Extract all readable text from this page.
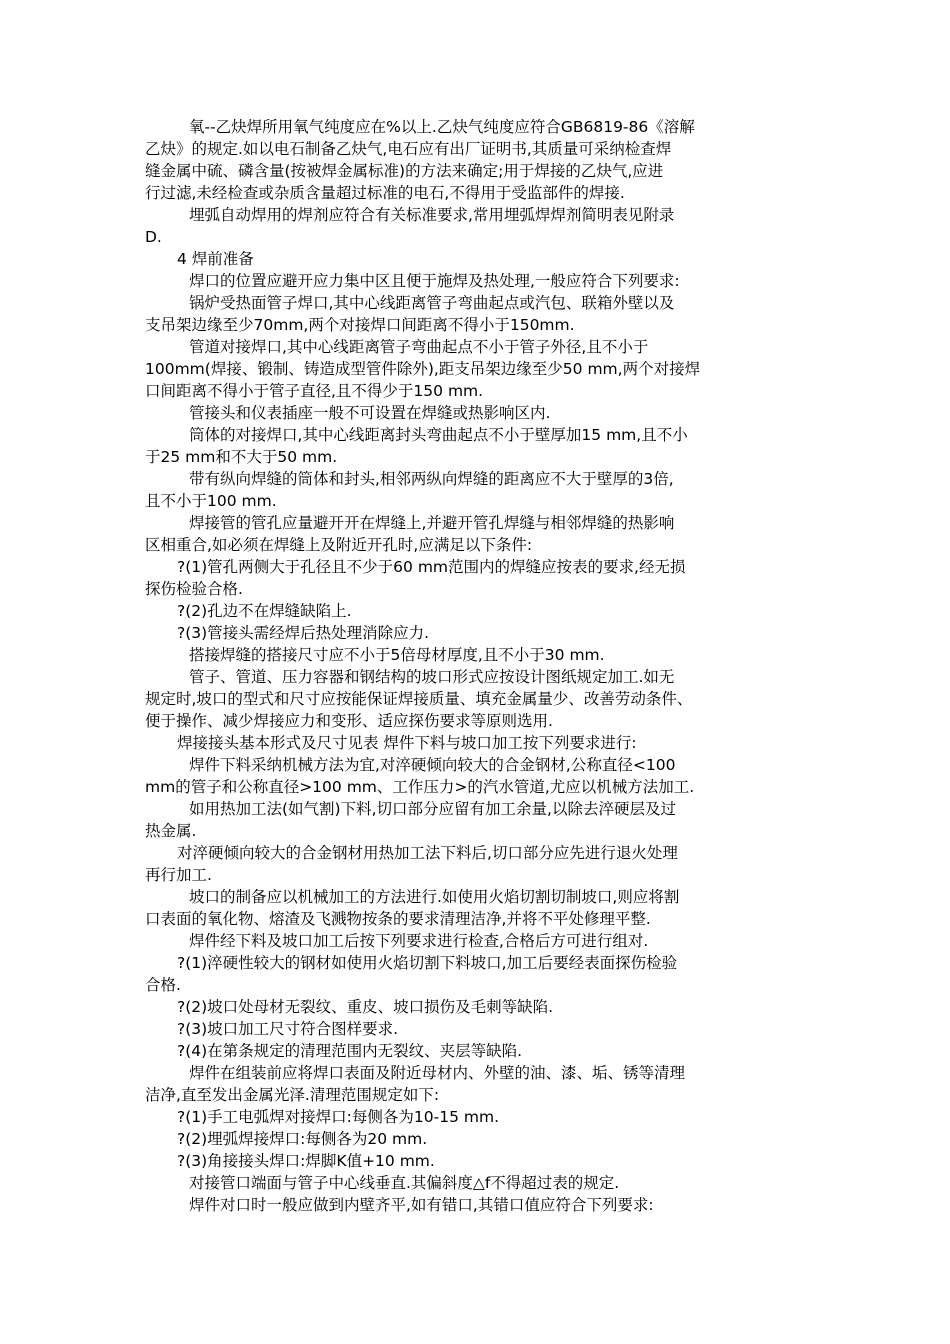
氧--乙炔焊所用氧气纯度应在%以上.乙炔气纯度应符合GB6819-86《溶解
乙炔》的规定.如以电石制备乙炔气,电石应有出厂证明书,其质量可采纳检查焊
缝金属中硫、磷含量(按被焊金属标准)的方法来确定;用于焊接的乙炔气,应进
行过滤,未经检查或杂质含量超过标准的电石,不得用于受监部件的焊接.
埋弧自动焊用的焊剂应符合有关标准要求,常用埋弧焊焊剂简明表见附录
D.
4 焊前准备
焊口的位置应避开应力集中区且便于施焊及热处理,一般应符合下列要求:
锅炉受热面管子焊口,其中心线距离管子弯曲起点或汽包、联箱外壁以及
支吊架边缘至少70mm,两个对接焊口间距离不得小于150mm.
管道对接焊口,其中心线距离管子弯曲起点不小于管子外径,且不小于
100mm(焊接、锻制、铸造成型管件除外),距支吊架边缘至少50 mm,两个对接焊
口间距离不得小于管子直径,且不得少于150 mm.
管接头和仪表插座一般不可设置在焊缝或热影响区内.
筒体的对接焊口,其中心线距离封头弯曲起点不小于壁厚加15 mm,且不小
于25 mm和不大于50 mm.
带有纵向焊缝的筒体和封头,相邻两纵向焊缝的距离应不大于壁厚的3倍,
且不小于100 mm.
焊接管的管孔应量避开开在焊缝上,并避开管孔焊缝与相邻焊缝的热影响
区相重合,如必须在焊缝上及附近开孔时,应满足以下条件:
?(1)管孔两侧大于孔径且不少于60 mm范围内的焊缝应按表的要求,经无损
探伤检验合格.
?(2)孔边不在焊缝缺陷上.
?(3)管接头需经焊后热处理消除应力.
搭接焊缝的搭接尺寸应不小于5倍母材厚度,且不小于30 mm.
管子、管道、压力容器和钢结构的坡口形式应按设计图纸规定加工.如无
规定时,坡口的型式和尺寸应按能保证焊接质量、填充金属量少、改善劳动条件、
便于操作、减少焊接应力和变形、适应探伤要求等原则选用.
焊接接头基本形式及尺寸见表 焊件下料与坡口加工按下列要求进行:
焊件下料采纳机械方法为宜,对淬硬倾向较大的合金钢材,公称直径<100
mm的管子和公称直径>100 mm、工作压力>的汽水管道,尤应以机械方法加工.
如用热加工法(如气割)下料,切口部分应留有加工余量,以除去淬硬层及过
热金属.
对淬硬倾向较大的合金钢材用热加工法下料后,切口部分应先进行退火处理
再行加工.
坡口的制备应以机械加工的方法进行.如使用火焰切割切制坡口,则应将割
口表面的氧化物、熔渣及飞溅物按条的要求清理洁净,并将不平处修理平整.
焊件经下料及坡口加工后按下列要求进行检查,合格后方可进行组对.
?(1)淬硬性较大的钢材如使用火焰切割下料坡口,加工后要经表面探伤检验
合格.
?(2)坡口处母材无裂纹、重皮、坡口损伤及毛刺等缺陷.
?(3)坡口加工尺寸符合图样要求.
?(4)在第条规定的清理范围内无裂纹、夹层等缺陷.
焊件在组装前应将焊口表面及附近母材内、外壁的油、漆、垢、锈等清理
洁净,直至发出金属光泽.清理范围规定如下:
?(1)手工电弧焊对接焊口:每侧各为10-15 mm.
?(2)埋弧焊接焊口:每侧各为20 mm.
?(3)角接接头焊口:焊脚K值+10 mm.
对接管口端面与管子中心线垂直.其偏斜度△f不得超过表的规定.
焊件对口时一般应做到内壁齐平,如有错口,其错口值应符合下列要求:
